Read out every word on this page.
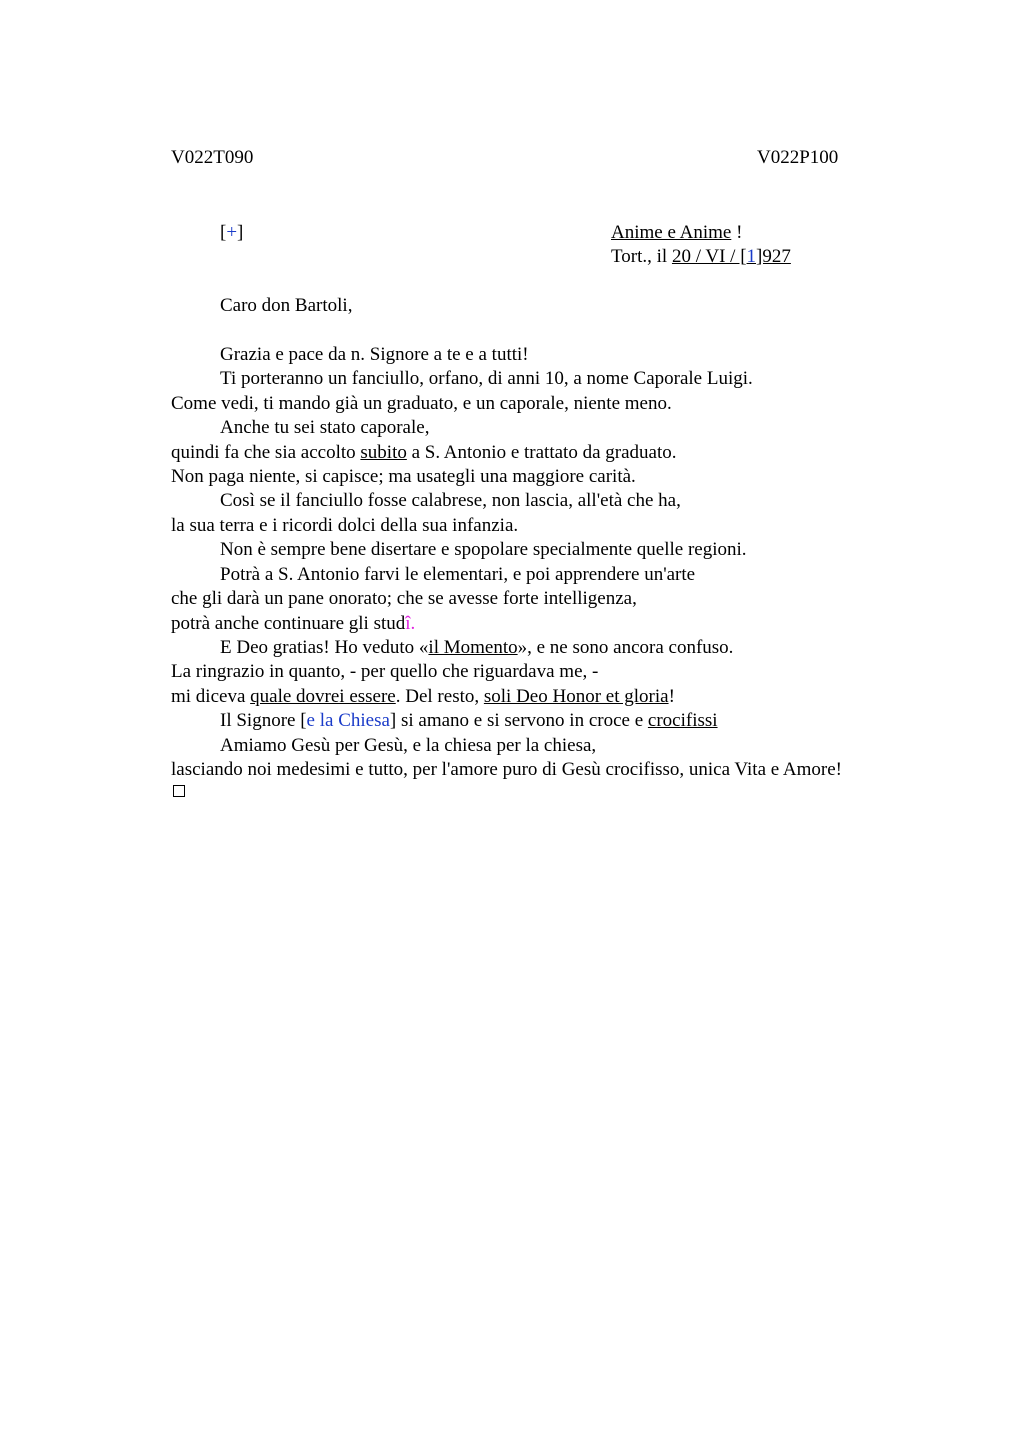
V022T090	V022P100
[+]	Anime e Anime !
Tort., il 20 / VI / [1]927
Caro don Bartoli,
Grazia e pace da n. Signore a te e a tutti!
Ti porteranno un fanciullo, orfano, di anni 10, a nome Caporale Luigi.
Come vedi, ti mando già un graduato, e un caporale, niente meno.
Anche tu sei stato caporale,
quindi fa che sia accolto subito a S. Antonio e trattato da graduato.
Non paga niente, si capisce; ma usategli una maggiore carità.
Così se il fanciullo fosse calabrese, non lascia, all'età che ha,
la sua terra e i ricordi dolci della sua infanzia.
Non è sempre bene disertare e spopolare specialmente quelle regioni.
Potrà a S. Antonio farvi le elementari, e poi apprendere un'arte
che gli darà un pane onorato; che se avesse forte intelligenza,
potrà anche continuare gli studî.
E Deo gratias! Ho veduto «il Momento», e ne sono ancora confuso.
La ringrazio in quanto, - per quello che riguardava me, -
mi diceva quale dovrei essere. Del resto, soli Deo Honor et gloria!
Il Signore [e la Chiesa] si amano e si servono in croce e crocifissi
Amiamo Gesù per Gesù, e la chiesa per la chiesa,
lasciando noi medesimi e tutto, per l'amore puro di Gesù crocifisso, unica Vita e Amore!
